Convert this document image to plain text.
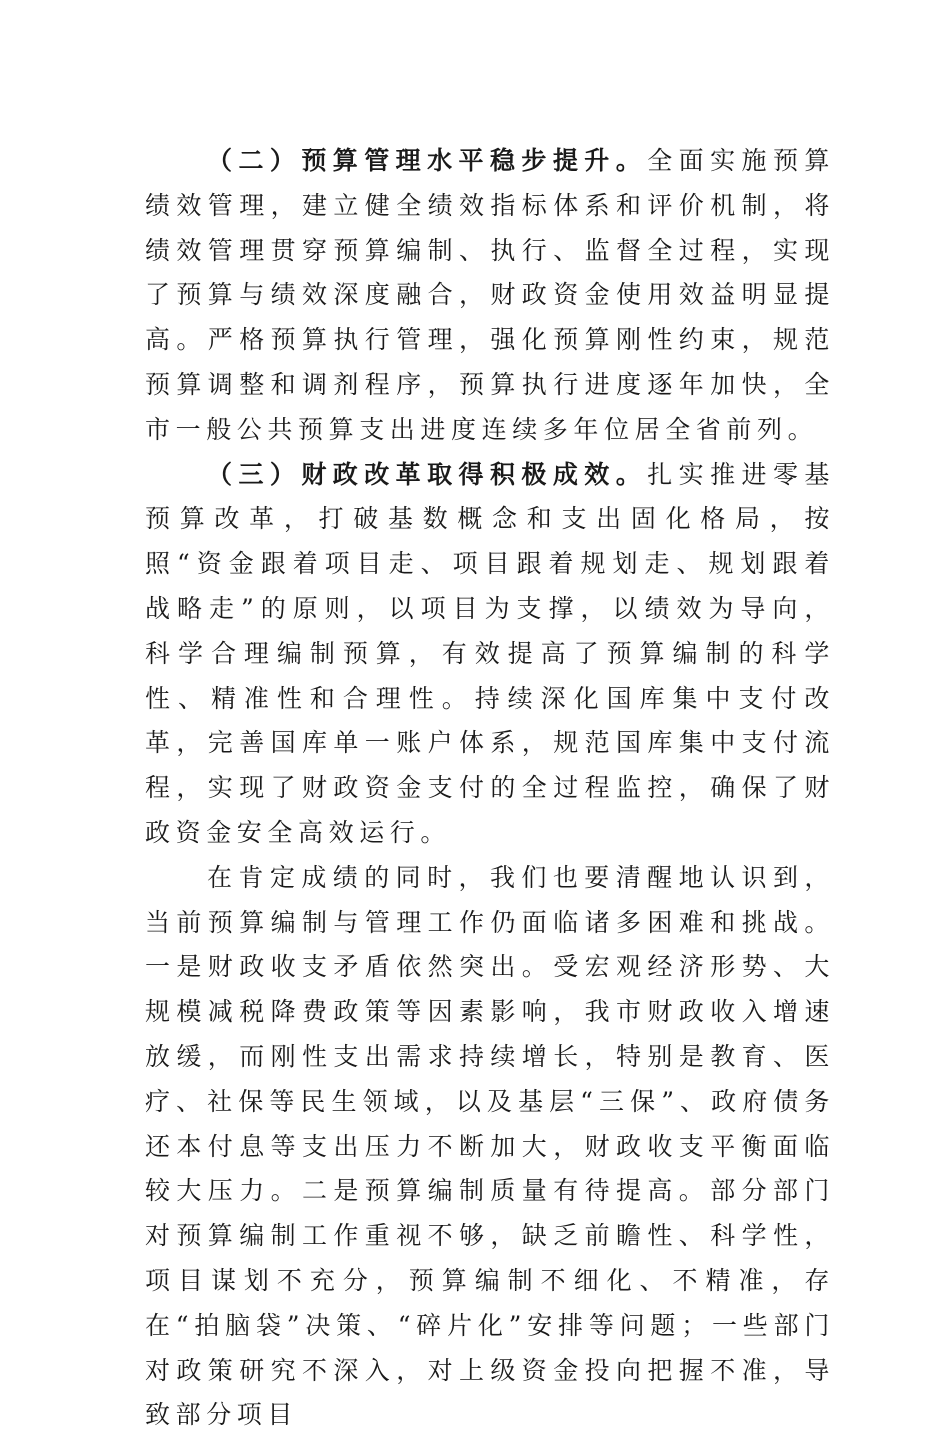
（二）预算管理水平稳步提升。全面实施预算绩效管理，建立健全绩效指标体系和评价机制，将绩效管理贯穿预算编制、执行、监督全过程，实现了预算与绩效深度融合，财政资金使用效益明显提高。严格预算执行管理，强化预算刚性约束，规范预算调整和调剂程序，预算执行进度逐年加快，全市一般公共预算支出进度连续多年位居全省前列。

（三）财政改革取得积极成效。扎实推进零基预算改革，打破基数概念和支出固化格局，按照“资金跟着项目走、项目跟着规划走、规划跟着战略走”的原则，以项目为支撑，以绩效为导向，科学合理编制预算，有效提高了预算编制的科学性、精准性和合理性。持续深化国库集中支付改革，完善国库单一账户体系，规范国库集中支付流程，实现了财政资金支付的全过程监控，确保了财政资金安全高效运行。

在肯定成绩的同时，我们也要清醒地认识到，当前预算编制与管理工作仍面临诸多困难和挑战。一是财政收支矛盾依然突出。受宏观经济形势、大规模减税降费政策等因素影响，我市财政收入增速放缓，而刚性支出需求持续增长，特别是教育、医疗、社保等民生领域，以及基层“三保”、政府债务还本付息等支出压力不断加大，财政收支平衡面临较大压力。二是预算编制质量有待提高。部分部门对预算编制工作重视不够，缺乏前瞻性、科学性，项目谋划不充分，预算编制不细化、不精准，存在“拍脑袋”决策、“碎片化”安排等问题；一些部门对政策研究不深入，对上级资金投向把握不准，导致部分项目
